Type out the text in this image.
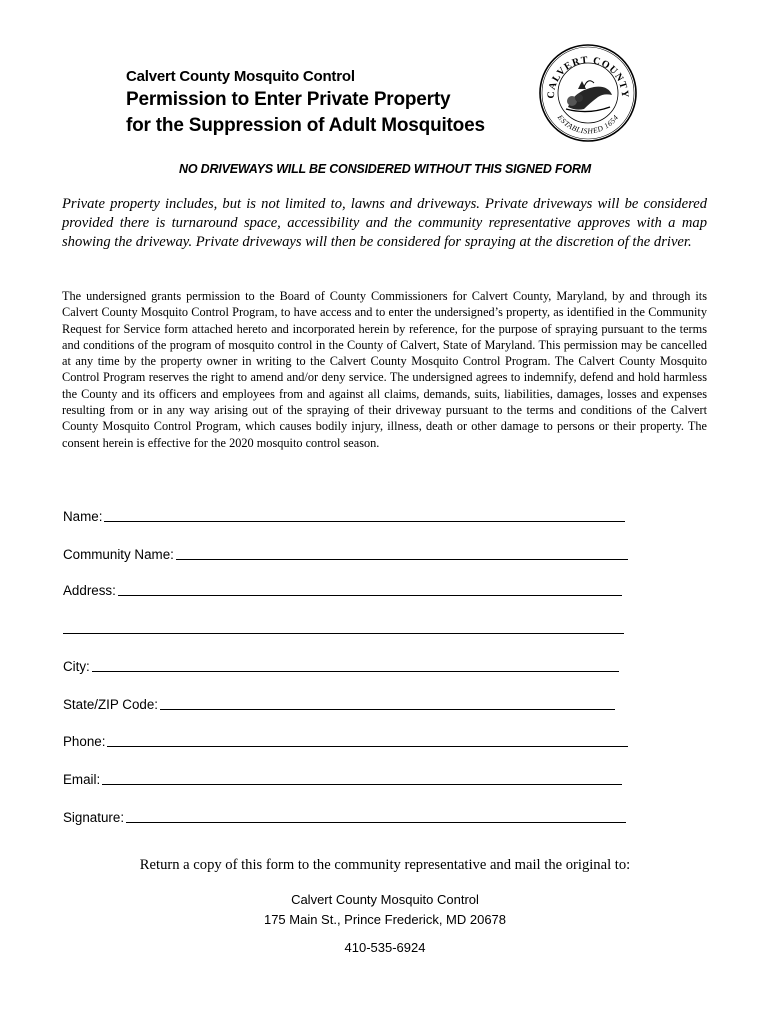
Calvert County Mosquito Control
Permission to Enter Private Property
for the Suppression of Adult Mosquitoes
CALVERT COUNTY
ESTABLISHED 1654
NO DRIVEWAYS WILL BE CONSIDERED WITHOUT THIS SIGNED FORM
Private property includes, but is not limited to, lawns and driveways. Private driveways will be considered provided there is turnaround space, accessibility and the community representative approves with a map showing the driveway. Private driveways will then be considered for spraying at the discretion of the driver.
The undersigned grants permission to the Board of County Commissioners for Calvert County, Maryland, by and through its Calvert County Mosquito Control Program, to have access and to enter the undersigned’s property, as identified in the Community Request for Service form attached hereto and incorporated herein by reference, for the purpose of spraying pursuant to the terms and conditions of the program of mosquito control in the County of Calvert, State of Maryland. This permission may be cancelled at any time by the property owner in writing to the Calvert County Mosquito Control Program. The Calvert County Mosquito Control Program reserves the right to amend and/or deny service. The undersigned agrees to indemnify, defend and hold harmless the County and its officers and employees from and against all claims, demands, suits, liabilities, damages, losses and expenses resulting from or in any way arising out of the spraying of their driveway pursuant to the terms and conditions of the Calvert County Mosquito Control Program, which causes bodily injury, illness, death or other damage to persons or their property. The consent herein is effective for the 2020 mosquito control season.
Name:
Community Name:
Address:
City:
State/ZIP Code:
Phone:
Email:
Signature:
Return a copy of this form to the community representative and mail the original to:
Calvert County Mosquito Control
175 Main St., Prince Frederick, MD 20678
410-535-6924
